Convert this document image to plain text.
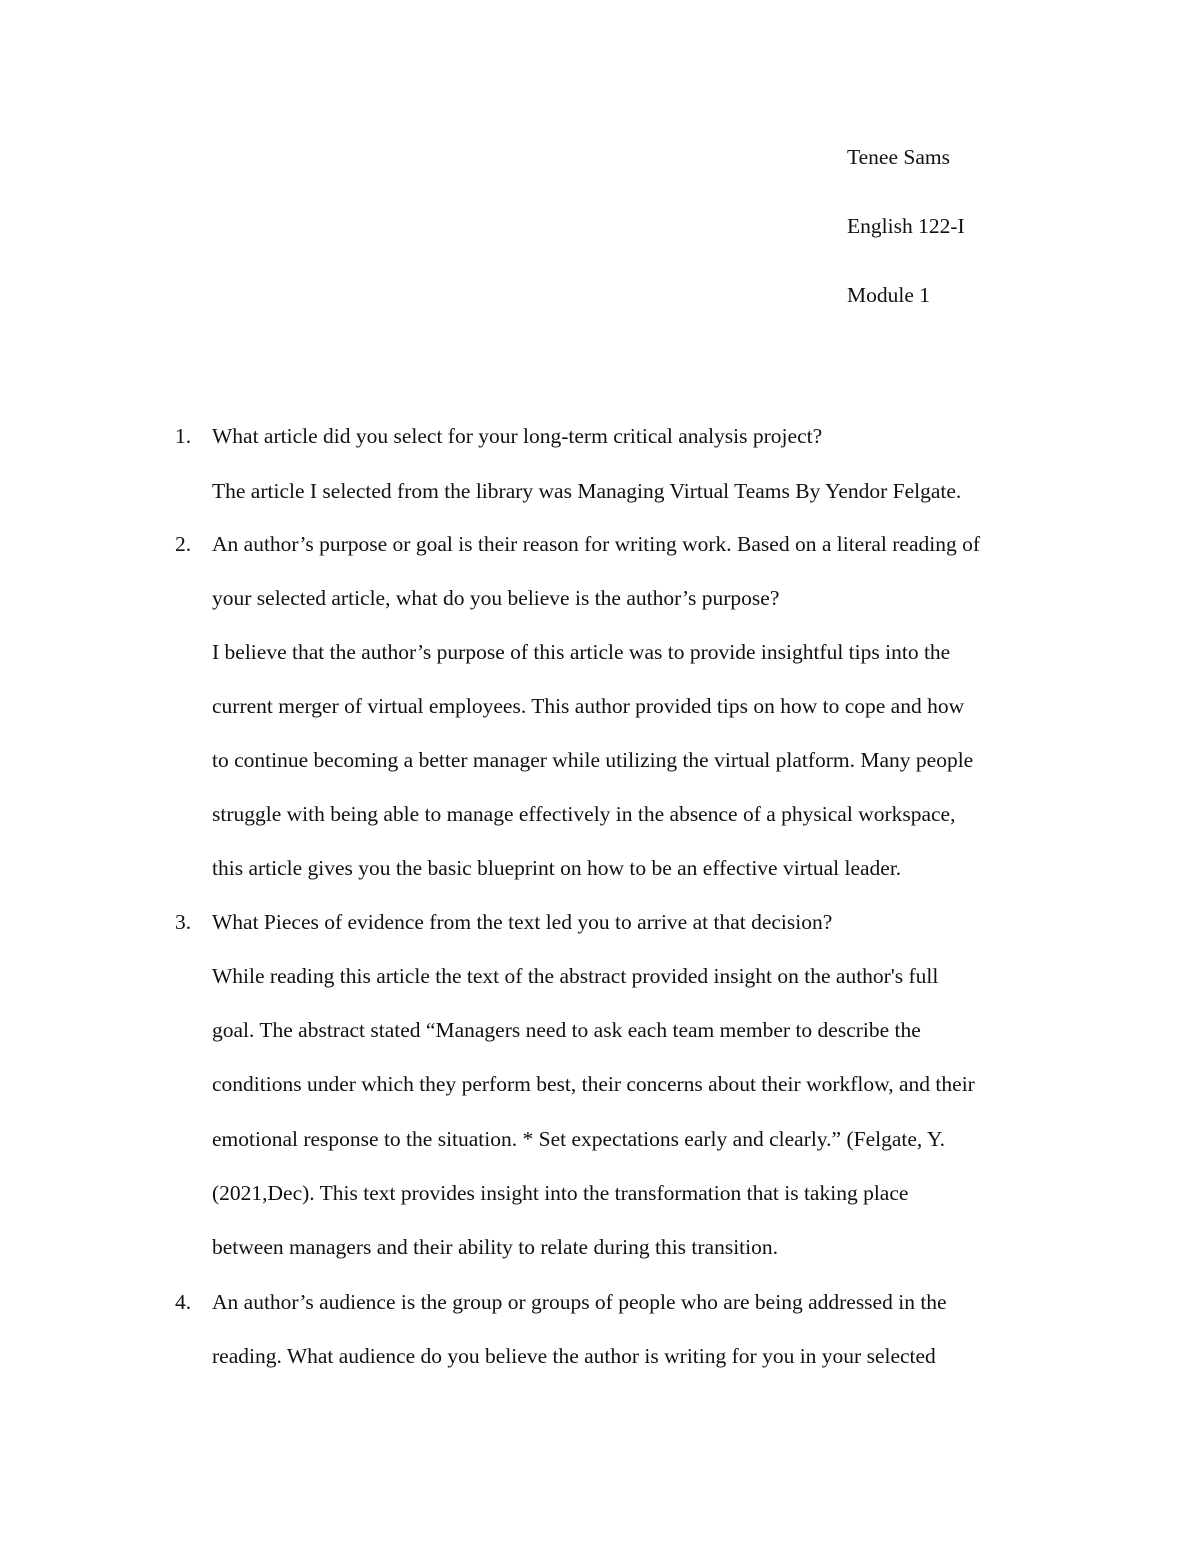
Tenee Sams

English 122-I

Module 1

1. What article did you select for your long-term critical analysis project?

The article I selected from the library was Managing Virtual Teams By Yendor Felgate.

2. An author’s purpose or goal is their reason for writing work. Based on a literal reading of

your selected article, what do you believe is the author’s purpose?

I believe that the author’s purpose of this article was to provide insightful tips into the

current merger of virtual employees. This author provided tips on how to cope and how

to continue becoming a better manager while utilizing the virtual platform. Many people

struggle with being able to manage effectively in the absence of a physical workspace,

this article gives you the basic blueprint on how to be an effective virtual leader.

3. What Pieces of evidence from the text led you to arrive at that decision?

While reading this article the text of the abstract provided insight on the author's full

goal. The abstract stated “Managers need to ask each team member to describe the

conditions under which they perform best, their concerns about their workflow, and their

emotional response to the situation. * Set expectations early and clearly.” (Felgate, Y.

(2021,Dec). This text provides insight into the transformation that is taking place

between managers and their ability to relate during this transition.

4. An author’s audience is the group or groups of people who are being addressed in the

reading. What audience do you believe the author is writing for you in your selected
